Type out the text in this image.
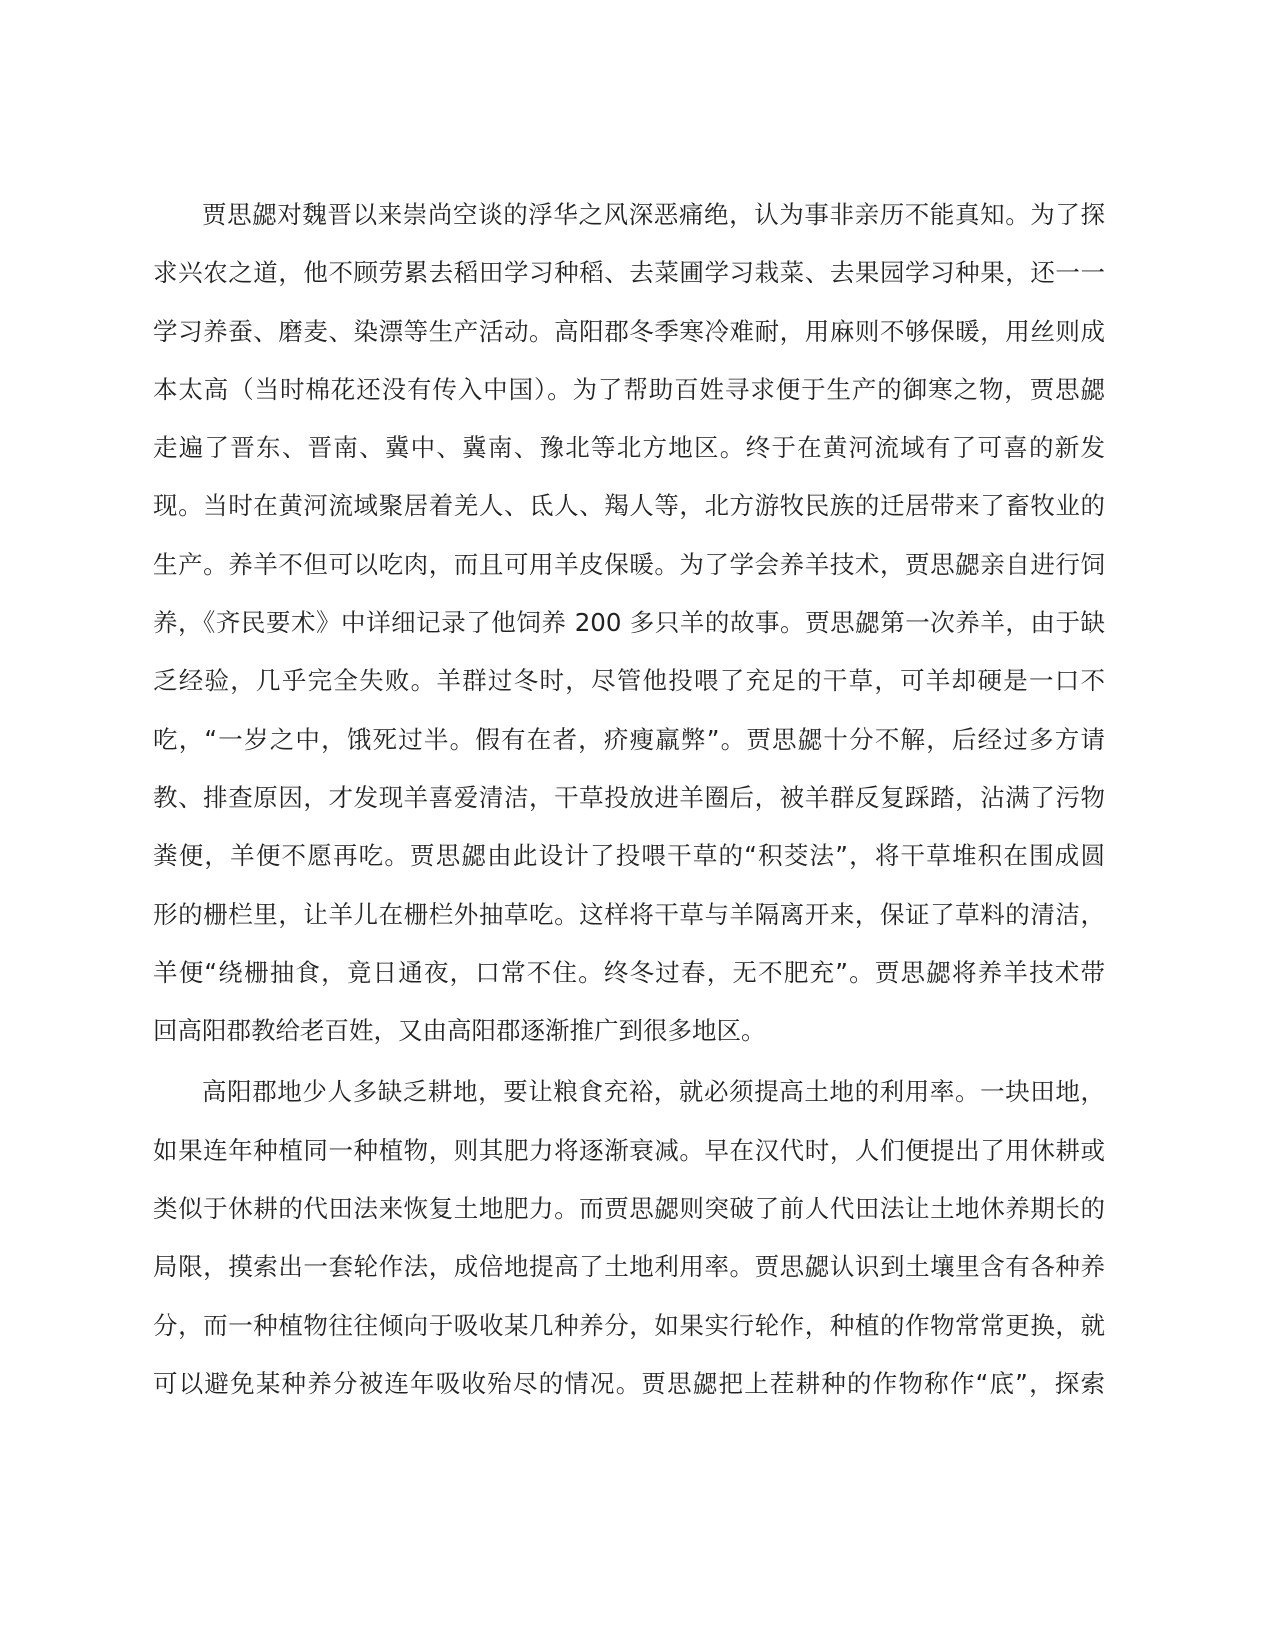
贾思勰对魏晋以来崇尚空谈的浮华之风深恶痛绝，认为事非亲历不能真知。为了探
求兴农之道，他不顾劳累去稻田学习种稻、去菜圃学习栽菜、去果园学习种果，还一一
学习养蚕、磨麦、染漂等生产活动。高阳郡冬季寒冷难耐，用麻则不够保暖，用丝则成
本太高（当时棉花还没有传入中国）。为了帮助百姓寻求便于生产的御寒之物，贾思勰
走遍了晋东、晋南、冀中、冀南、豫北等北方地区。终于在黄河流域有了可喜的新发
现。当时在黄河流域聚居着羌人、氐人、羯人等，北方游牧民族的迁居带来了畜牧业的
生产。养羊不但可以吃肉，而且可用羊皮保暖。为了学会养羊技术，贾思勰亲自进行饲
养，《齐民要术》中详细记录了他饲养 200 多只羊的故事。贾思勰第一次养羊，由于缺
乏经验，几乎完全失败。羊群过冬时，尽管他投喂了充足的干草，可羊却硬是一口不
吃，“一岁之中，饿死过半。假有在者，疥瘦羸弊”。贾思勰十分不解，后经过多方请
教、排查原因，才发现羊喜爱清洁，干草投放进羊圈后，被羊群反复踩踏，沾满了污物
粪便，羊便不愿再吃。贾思勰由此设计了投喂干草的“积茭法”，将干草堆积在围成圆
形的栅栏里，让羊儿在栅栏外抽草吃。这样将干草与羊隔离开来，保证了草料的清洁，
羊便“绕栅抽食，竟日通夜，口常不住。终冬过春，无不肥充”。贾思勰将养羊技术带
回高阳郡教给老百姓，又由高阳郡逐渐推广到很多地区。

高阳郡地少人多缺乏耕地，要让粮食充裕，就必须提高土地的利用率。一块田地，
如果连年种植同一种植物，则其肥力将逐渐衰减。早在汉代时，人们便提出了用休耕或
类似于休耕的代田法来恢复土地肥力。而贾思勰则突破了前人代田法让土地休养期长的
局限，摸索出一套轮作法，成倍地提高了土地利用率。贾思勰认识到土壤里含有各种养
分，而一种植物往往倾向于吸收某几种养分，如果实行轮作，种植的作物常常更换，就
可以避免某种养分被连年吸收殆尽的情况。贾思勰把上茬耕种的作物称作“底”，探索
